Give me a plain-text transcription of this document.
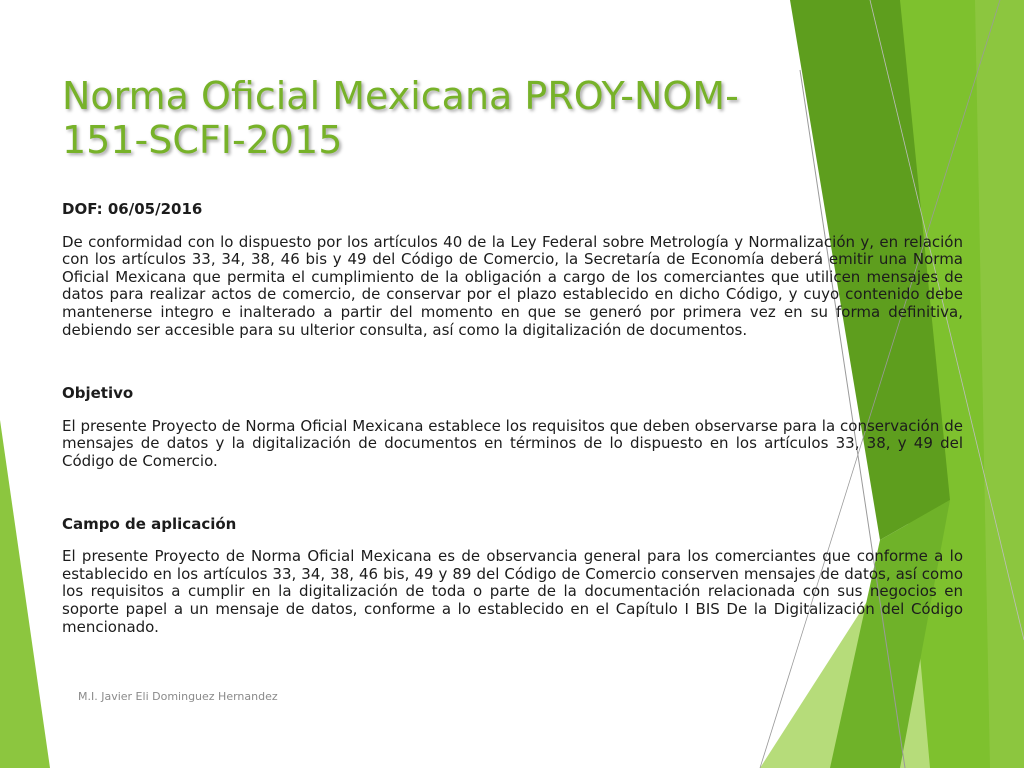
Norma Oficial Mexicana PROY-NOM-151-SCFI-2015

DOF: 06/05/2016

De conformidad con lo dispuesto por los artículos 40 de la Ley Federal sobre Metrología y Normalización y, en relación con los artículos 33, 34, 38, 46 bis y 49 del Código de Comercio, la Secretaría de Economía deberá emitir una Norma Oficial Mexicana que permita el cumplimiento de la obligación a cargo de los comerciantes que utilicen mensajes de datos para realizar actos de comercio, de conservar por el plazo establecido en dicho Código, y cuyo contenido debe mantenerse integro e inalterado a partir del momento en que se generó por primera vez en su forma definitiva, debiendo ser accesible para su ulterior consulta, así como la digitalización de documentos.

Objetivo

El presente Proyecto de Norma Oficial Mexicana establece los requisitos que deben observarse para la conservación de mensajes de datos y la digitalización de documentos en términos de lo dispuesto en los artículos 33, 38, y 49 del Código de Comercio.

Campo de aplicación

El presente Proyecto de Norma Oficial Mexicana es de observancia general para los comerciantes que conforme a lo establecido en los artículos 33, 34, 38, 46 bis, 49 y 89 del Código de Comercio conserven mensajes de datos, así como los requisitos a cumplir en la digitalización de toda o parte de la documentación relacionada con sus negocios en soporte papel a un mensaje de datos, conforme a lo establecido en el Capítulo I BIS De la Digitalización del Código mencionado.

M.I. Javier Eli Dominguez Hernandez
